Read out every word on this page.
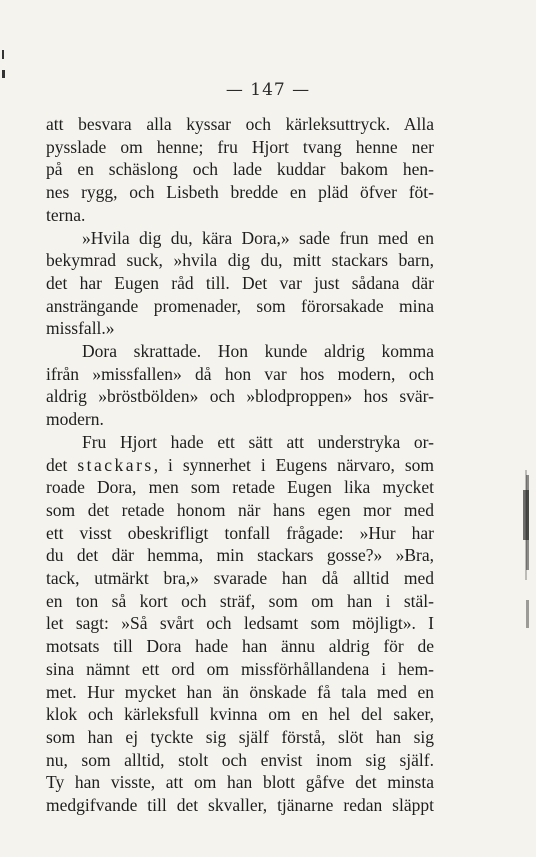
— 147 —
att besvara alla kyssar och kärleksuttryck. Alla
pysslade om henne; fru Hjort tvang henne ner
på en schäslong och lade kuddar bakom hen-
nes rygg, och Lisbeth bredde en pläd öfver föt-
terna.
»Hvila dig du, kära Dora,» sade frun med en
bekymrad suck, »hvila dig du, mitt stackars barn,
det har Eugen råd till. Det var just sådana där
ansträngande promenader, som förorsakade mina
missfall.»
Dora skrattade. Hon kunde aldrig komma
ifrån »missfallen» då hon var hos modern, och
aldrig »bröstbölden» och »blodproppen» hos svär-
modern.
Fru Hjort hade ett sätt att understryka or-
det stackars, i synnerhet i Eugens närvaro, som
roade Dora, men som retade Eugen lika mycket
som det retade honom när hans egen mor med
ett visst obeskrifligt tonfall frågade: »Hur har
du det där hemma, min stackars gosse?» »Bra,
tack, utmärkt bra,» svarade han då alltid med
en ton så kort och sträf, som om han i stäl-
let sagt: »Så svårt och ledsamt som möjligt». I
motsats till Dora hade han ännu aldrig för de
sina nämnt ett ord om missförhållandena i hem-
met. Hur mycket han än önskade få tala med en
klok och kärleksfull kvinna om en hel del saker,
som han ej tyckte sig själf förstå, slöt han sig
nu, som alltid, stolt och envist inom sig själf.
Ty han visste, att om han blott gåfve det minsta
medgifvande till det skvaller, tjänarne redan släppt
